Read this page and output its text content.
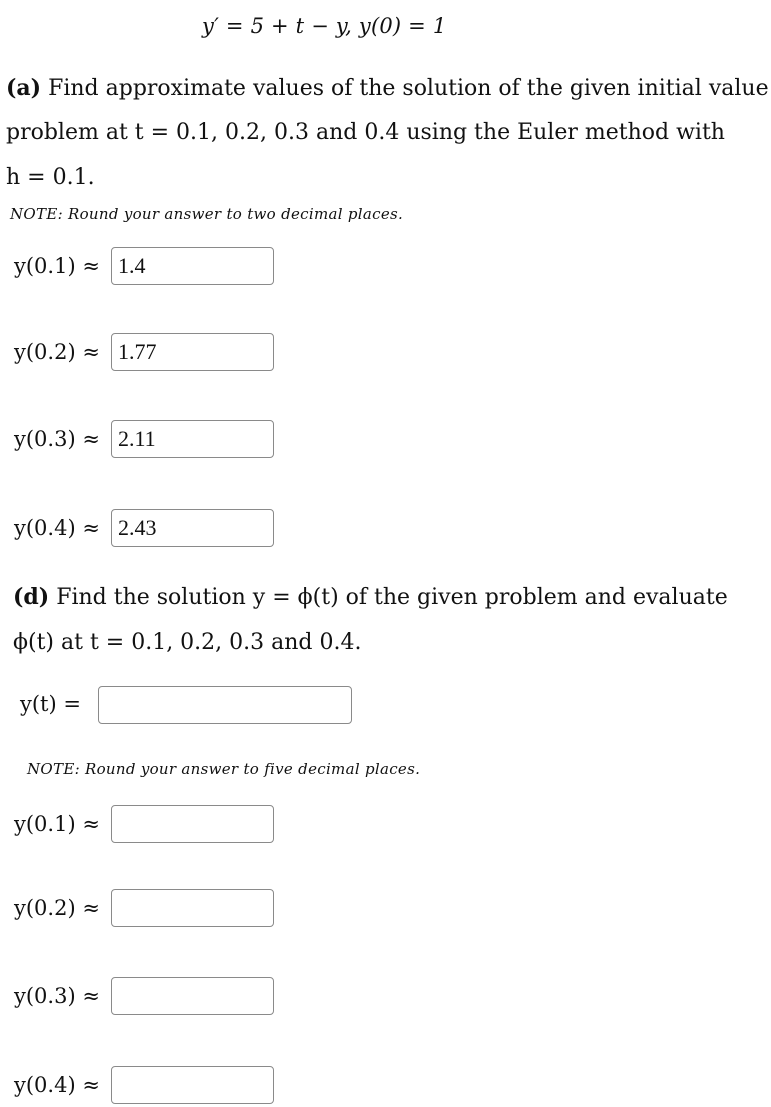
y′ = 5 + t − y, y(0) = 1
(a) Find approximate values of the solution of the given initial value
problem at t = 0.1, 0.2, 0.3 and 0.4 using the Euler method with
h = 0.1.
NOTE: Round your answer to two decimal places.
y(0.1) ≈ 1.4
y(0.2) ≈ 1.77
y(0.3) ≈ 2.11
y(0.4) ≈ 2.43
(d) Find the solution y = ϕ(t) of the given problem and evaluate
ϕ(t) at t = 0.1, 0.2, 0.3 and 0.4.
y(t) =
NOTE: Round your answer to five decimal places.
y(0.1) ≈
y(0.2) ≈
y(0.3) ≈
y(0.4) ≈
